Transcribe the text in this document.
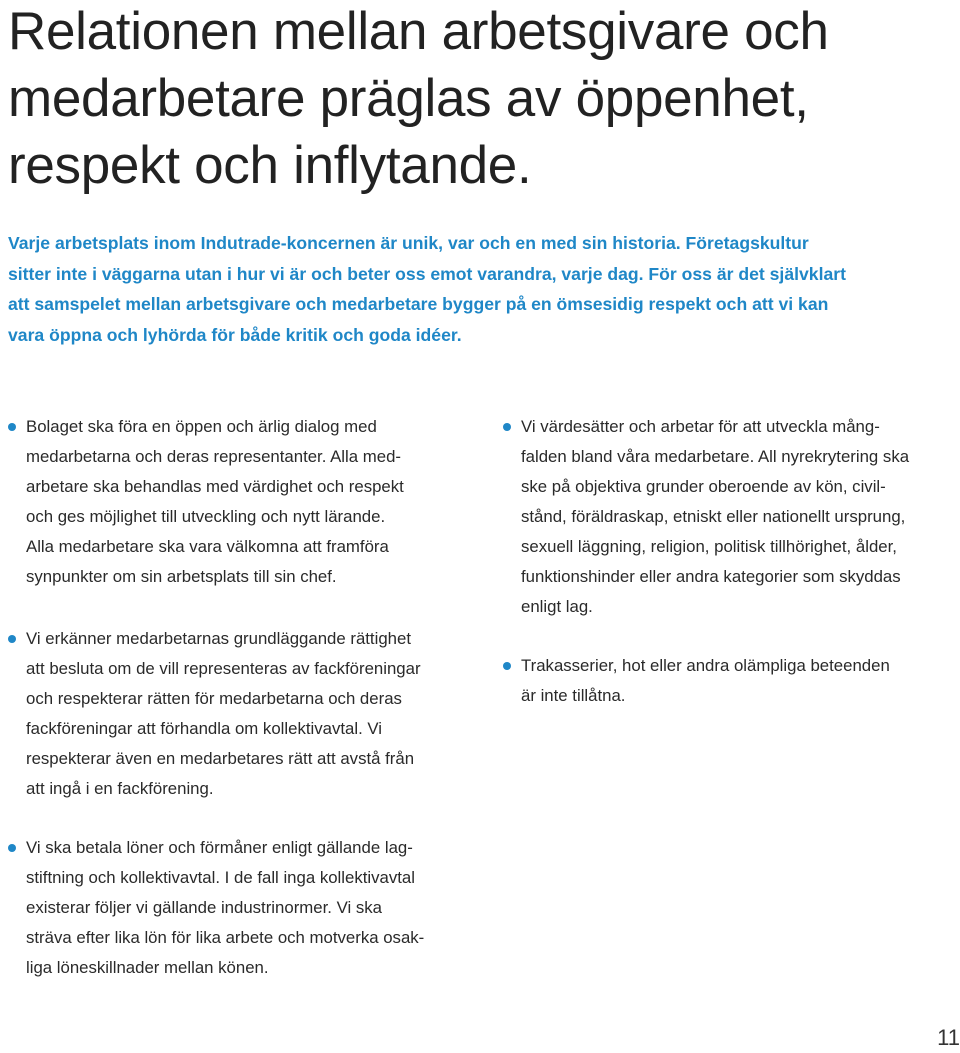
Relationen mellan arbetsgivare och
medarbetare präglas av öppenhet,
respekt och inflytande.

Varje arbetsplats inom Indutrade-koncernen är unik, var och en med sin historia. Företagskultur
sitter inte i väggarna utan i hur vi är och beter oss emot varandra, varje dag. För oss är det självklart
att samspelet mellan arbetsgivare och medarbetare bygger på en ömsesidig respekt och att vi kan
vara öppna och lyhörda för både kritik och goda idéer.

Bolaget ska föra en öppen och ärlig dialog med
medarbetarna och deras representanter. Alla med-
arbetare ska behandlas med värdighet och respekt
och ges möjlighet till utveckling och nytt lärande.
Alla medarbetare ska vara välkomna att framföra
synpunkter om sin arbetsplats till sin chef.
Vi erkänner medarbetarnas grundläggande rättighet
att besluta om de vill representeras av fackföreningar
och respekterar rätten för medarbetarna och deras
fackföreningar att förhandla om kollektivavtal. Vi
respekterar även en medarbetares rätt att avstå från
att ingå i en fackförening.
Vi ska betala löner och förmåner enligt gällande lag-
stiftning och kollektivavtal. I de fall inga kollektivavtal
existerar följer vi gällande industrinormer. Vi ska
sträva efter lika lön för lika arbete och motverka osak-
liga löneskillnader mellan könen.
Vi värdesätter och arbetar för att utveckla mång-
falden bland våra medarbetare. All nyrekrytering ska
ske på objektiva grunder oberoende av kön, civil-
stånd, föräldraskap, etniskt eller nationellt ursprung,
sexuell läggning, religion, politisk tillhörighet, ålder,
funktionshinder eller andra kategorier som skyddas
enligt lag.
Trakasserier, hot eller andra olämpliga beteenden
är inte tillåtna.
11
